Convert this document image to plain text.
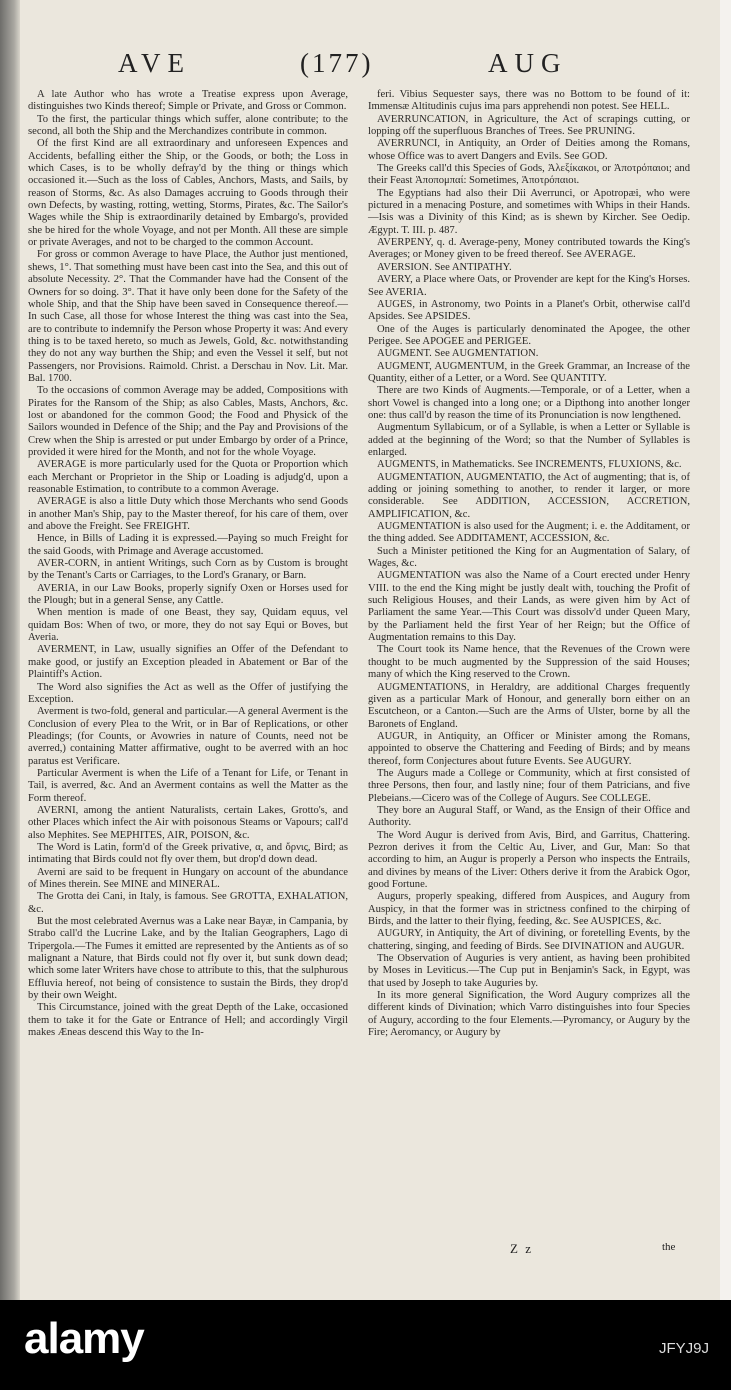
AVE	(177)	AUG

A late Author who has wrote a Treatise express upon Average, distinguishes two Kinds thereof; Simple or Private, and Gross or Common.

To the first, the particular things which suffer, alone contribute; to the second, all both the Ship and the Merchandizes contribute in common.

Of the first Kind are all extraordinary and unforeseen Expences and Accidents, befalling either the Ship, or the Goods, or both; the Loss in which Cases, is to be wholly defray'd by the thing or things which occasioned it.—Such as the loss of Cables, Anchors, Masts, and Sails, by reason of Storms, &c. As also Damages accruing to Goods through their own Defects, by wasting, rotting, wetting, Storms, Pirates, &c. The Sailor's Wages while the Ship is extraordinarily detained by Embargo's, provided she be hired for the whole Voyage, and not per Month. All these are simple or private Averages, and not to be charged to the common Account.

For gross or common Average to have Place, the Author just mentioned, shews, 1°. That something must have been cast into the Sea, and this out of absolute Necessity. 2°. That the Commander have had the Consent of the Owners for so doing. 3°. That it have only been done for the Safety of the whole Ship, and that the Ship have been saved in Consequence thereof.—In such Case, all those for whose Interest the thing was cast into the Sea, are to contribute to indemnify the Person whose Property it was: And every thing is to be taxed hereto, so much as Jewels, Gold, &c. notwithstanding they do not any way burthen the Ship; and even the Vessel it self, but not Passengers, nor Provisions. Raimold. Christ. a Derschau in Nov. Lit. Mar. Bal. 1700.

To the occasions of common Average may be added, Compositions with Pirates for the Ransom of the Ship; as also Cables, Masts, Anchors, &c. lost or abandoned for the common Good; the Food and Physick of the Sailors wounded in Defence of the Ship; and the Pay and Provisions of the Crew when the Ship is arrested or put under Embargo by order of a Prince, provided it were hired for the Month, and not for the whole Voyage.

AVERAGE is more particularly used for the Quota or Proportion which each Merchant or Proprietor in the Ship or Loading is adjudg'd, upon a reasonable Estimation, to contribute to a common Average.

AVERAGE is also a little Duty which those Merchants who send Goods in another Man's Ship, pay to the Master thereof, for his care of them, over and above the Freight. See FREIGHT.

Hence, in Bills of Lading it is expressed.—Paying so much Freight for the said Goods, with Primage and Average accustomed.

AVER-CORN, in antient Writings, such Corn as by Custom is brought by the Tenant's Carts or Carriages, to the Lord's Granary, or Barn.

AVERIA, in our Law Books, properly signify Oxen or Horses used for the Plough; but in a general Sense, any Cattle.

When mention is made of one Beast, they say, Quidam equus, vel quidam Bos: When of two, or more, they do not say Equi or Boves, but Averia.

AVERMENT, in Law, usually signifies an Offer of the Defendant to make good, or justify an Exception pleaded in Abatement or Bar of the Plaintiff's Action.

The Word also signifies the Act as well as the Offer of justifying the Exception.

Averment is two-fold, general and particular.—A general Averment is the Conclusion of every Plea to the Writ, or in Bar of Replications, or other Pleadings; (for Counts, or Avowries in nature of Counts, need not be averred,) containing Matter affirmative, ought to be averred with an hoc paratus est Verificare.

Particular Averment is when the Life of a Tenant for Life, or Tenant in Tail, is averred, &c. And an Averment contains as well the Matter as the Form thereof.

AVERNI, among the antient Naturalists, certain Lakes, Grotto's, and other Places which infect the Air with poisonous Steams or Vapours; call'd also Mephites. See MEPHITES, AIR, POISON, &c.

The Word is Latin, form'd of the Greek privative, α, and ὄρνις, Bird; as intimating that Birds could not fly over them, but drop'd down dead.

Averni are said to be frequent in Hungary on account of the abundance of Mines therein. See MINE and MINERAL.

The Grotta dei Cani, in Italy, is famous. See GROTTA, EXHALATION, &c.

But the most celebrated Avernus was a Lake near Bayæ, in Campania, by Strabo call'd the Lucrine Lake, and by the Italian Geographers, Lago di Tripergola.—The Fumes it emitted are represented by the Antients as of so malignant a Nature, that Birds could not fly over it, but sunk down dead; which some later Writers have chose to attribute to this, that the sulphurous Effluvia hereof, not being of consistence to sustain the Birds, they drop'd by their own Weight.

This Circumstance, joined with the great Depth of the Lake, occasioned them to take it for the Gate or Entrance of Hell; and accordingly Virgil makes Æneas descend this Way to the In-

feri. Vibius Sequester says, there was no Bottom to be found of it: Immensæ Altitudinis cujus ima pars apprehendi non potest. See HELL.

AVERRUNCATION, in Agriculture, the Act of scrapings cutting, or lopping off the superfluous Branches of Trees. See PRUNING.

AVERRUNCI, in Antiquity, an Order of Deities among the Romans, whose Office was to avert Dangers and Evils. See GOD.

The Greeks call'd this Species of Gods, Ἀλεξίκακοι, or Ἀποτρόπαιοι; and their Feast Ἀποπομπαί: Sometimes, Ἀποτρόπαιοι.

The Egyptians had also their Dii Averrunci, or Apotropæi, who were pictured in a menacing Posture, and sometimes with Whips in their Hands.—Isis was a Divinity of this Kind; as is shewn by Kircher. See Oedip. Ægypt. T. III. p. 487.

AVERPENY, q. d. Average-peny, Money contributed towards the King's Averages; or Money given to be freed thereof. See AVERAGE.

AVERSION. See ANTIPATHY.

AVERY, a Place where Oats, or Provender are kept for the King's Horses. See AVERIA.

AUGES, in Astronomy, two Points in a Planet's Orbit, otherwise call'd Apsides. See APSIDES.

One of the Auges is particularly denominated the Apogee, the other Perigee. See APOGEE and PERIGEE.

AUGMENT. See AUGMENTATION.

AUGMENT, AUGMENTUM, in the Greek Grammar, an Increase of the Quantity, either of a Letter, or a Word. See QUANTITY.

There are two Kinds of Augments.—Temporale, or of a Letter, when a short Vowel is changed into a long one; or a Dipthong into another longer one: thus call'd by reason the time of its Pronunciation is now lengthened.

Augmentum Syllabicum, or of a Syllable, is when a Letter or Syllable is added at the beginning of the Word; so that the Number of Syllables is enlarged.

AUGMENTS, in Mathematicks. See INCREMENTS, FLUXIONS, &c.

AUGMENTATION, AUGMENTATIO, the Act of augmenting; that is, of adding or joining something to another, to render it larger, or more considerable. See ADDITION, ACCESSION, ACCRETION, AMPLIFICATION, &c.

AUGMENTATION is also used for the Augment; i. e. the Additament, or the thing added. See ADDITAMENT, ACCESSION, &c.

Such a Minister petitioned the King for an Augmentation of Salary, of Wages, &c.

AUGMENTATION was also the Name of a Court erected under Henry VIII. to the end the King might be justly dealt with, touching the Profit of such Religious Houses, and their Lands, as were given him by Act of Parliament the same Year.—This Court was dissolv'd under Queen Mary, by the Parliament held the first Year of her Reign; but the Office of Augmentation remains to this Day.

The Court took its Name hence, that the Revenues of the Crown were thought to be much augmented by the Suppression of the said Houses; many of which the King reserved to the Crown.

AUGMENTATIONS, in Heraldry, are additional Charges frequently given as a particular Mark of Honour, and generally born either on an Escutcheon, or a Canton.—Such are the Arms of Ulster, borne by all the Baronets of England.

AUGUR, in Antiquity, an Officer or Minister among the Romans, appointed to observe the Chattering and Feeding of Birds; and by means thereof, form Conjectures about future Events. See AUGURY.

The Augurs made a College or Community, which at first consisted of three Persons, then four, and lastly nine; four of them Patricians, and five Plebeians.—Cicero was of the College of Augurs. See COLLEGE.

They bore an Augural Staff, or Wand, as the Ensign of their Office and Authority.

The Word Augur is derived from Avis, Bird, and Garritus, Chattering. Pezron derives it from the Celtic Au, Liver, and Gur, Man: So that according to him, an Augur is properly a Person who inspects the Entrails, and divines by means of the Liver: Others derive it from the Arabick Ogor, good Fortune.

Augurs, properly speaking, differed from Auspices, and Augury from Auspicy, in that the former was in strictness confined to the chirping of Birds, and the latter to their flying, feeding, &c. See AUSPICES, &c.

AUGURY, in Antiquity, the Art of divining, or foretelling Events, by the chattering, singing, and feeding of Birds. See DIVINATION and AUGUR.

The Observation of Auguries is very antient, as having been prohibited by Moses in Leviticus.—The Cup put in Benjamin's Sack, in Egypt, was that used by Joseph to take Auguries by.

In its more general Signification, the Word Augury comprizes all the different kinds of Divination; which Varro distinguishes into four Species of Augury, according to the four Elements.—Pyromancy, or Augury by the Fire; Aeromancy, or Augury by

Z z	the
alamy	JFYJ9J
